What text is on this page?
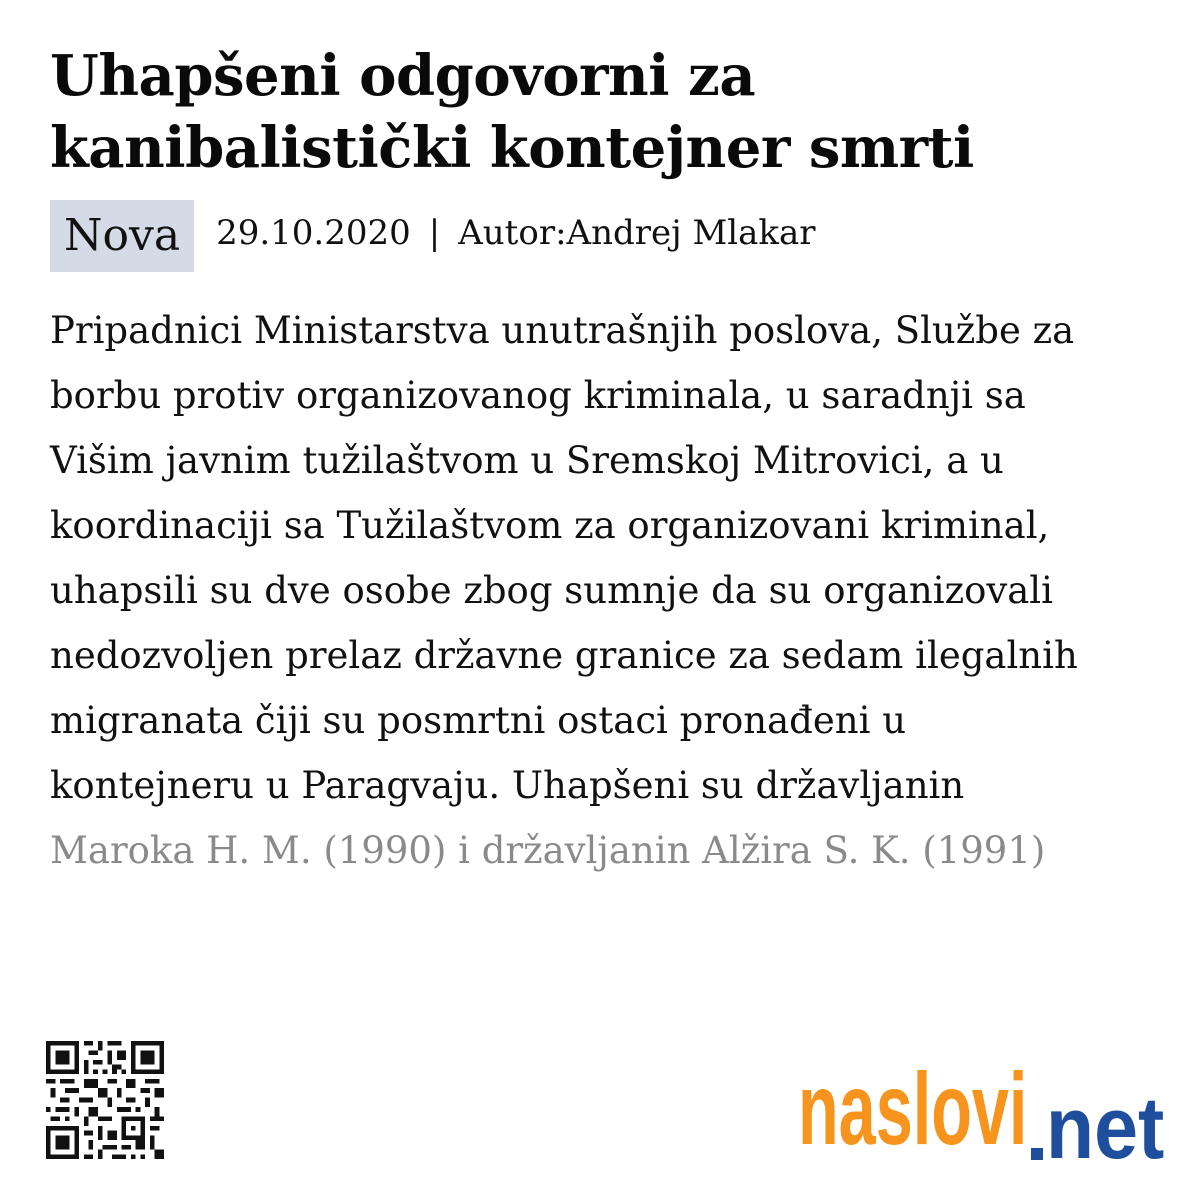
Uhapšeni odgovorni za
kanibalistički kontejner smrti
Nova	29.10.2020 | Autor:Andrej Mlakar
Pripadnici Ministarstva unutrašnjih poslova, Službe za
borbu protiv organizovanog kriminala, u saradnji sa
Višim javnim tužilaštvom u Sremskoj Mitrovici, a u
koordinaciji sa Tužilaštvom za organizovani kriminal,
uhapsili su dve osobe zbog sumnje da su organizovali
nedozvoljen prelaz državne granice za sedam ilegalnih
migranata čiji su posmrtni ostaci pronađeni u
kontejneru u Paragvaju. Uhapšeni su državljanin
Maroka H. M. (1990) i državljanin Alžira S. K. (1991)
naslovi net
